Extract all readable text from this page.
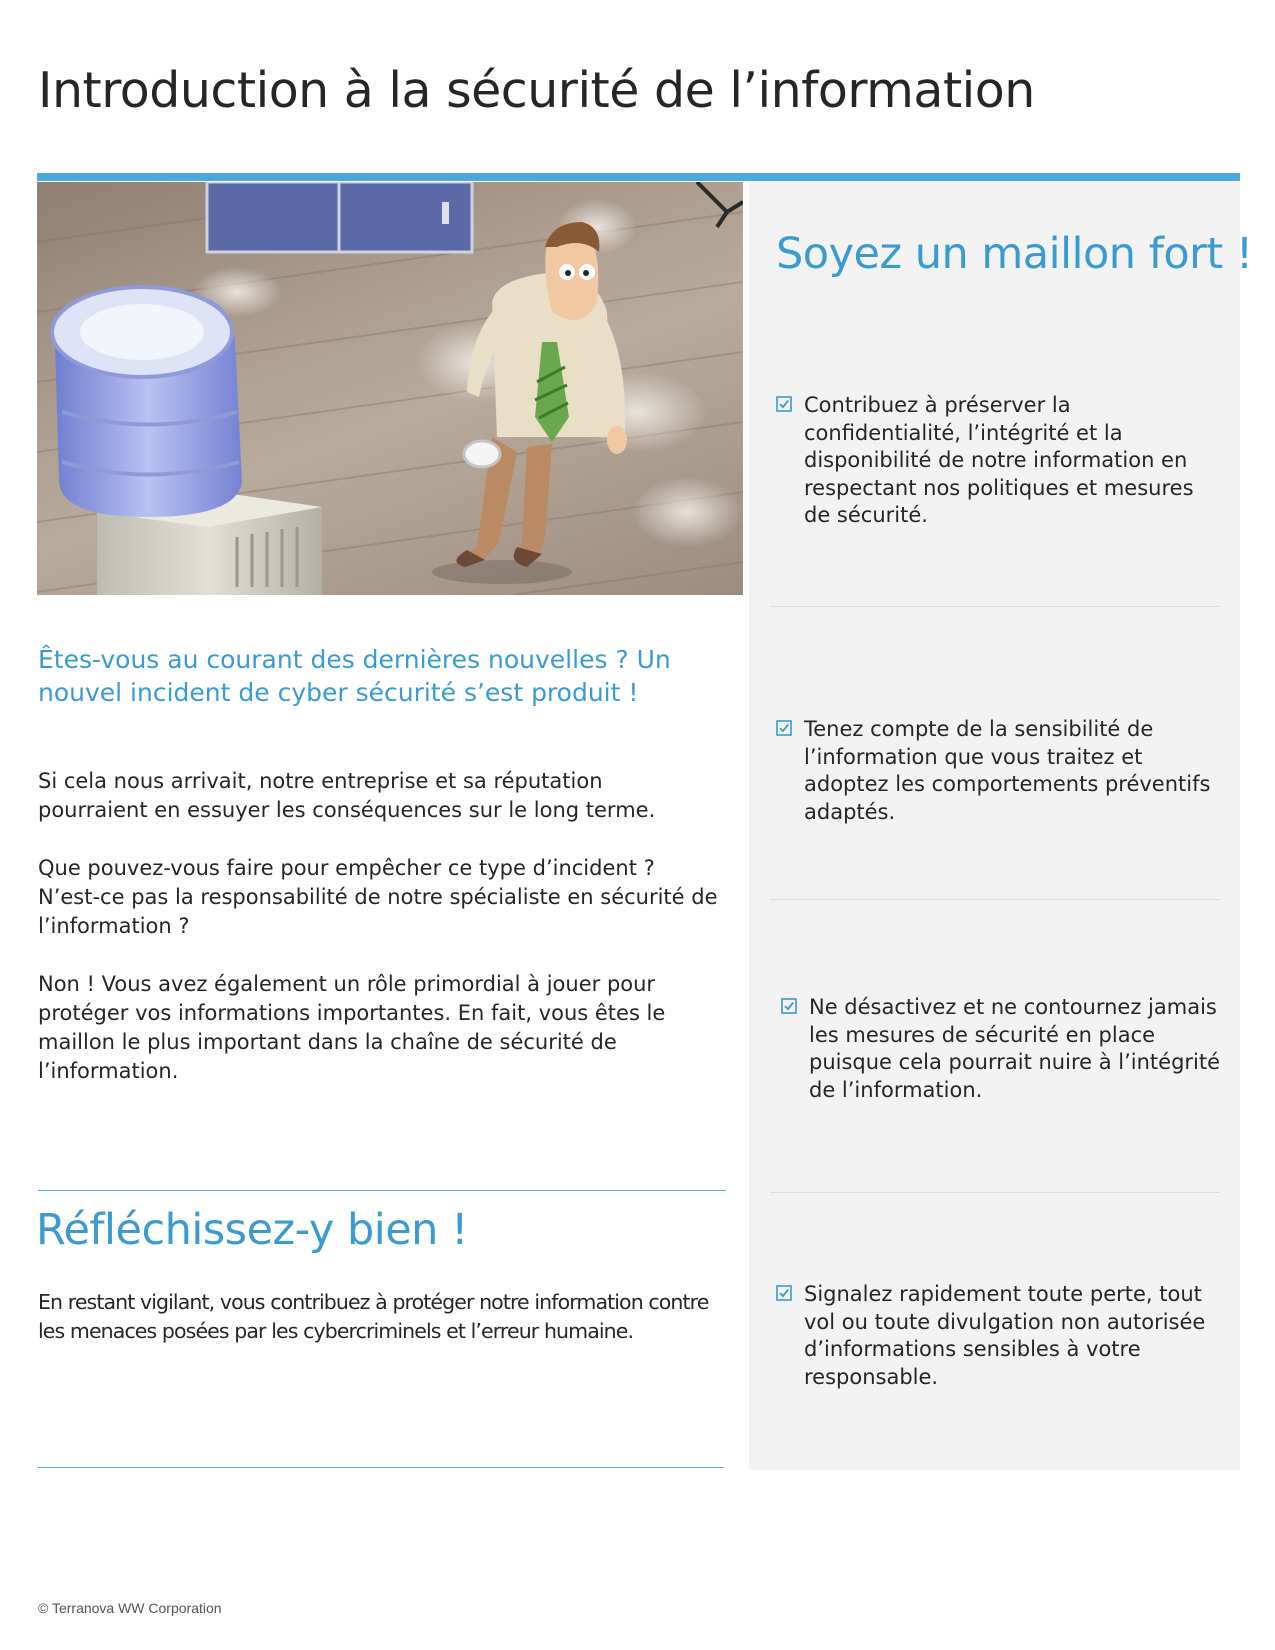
Introduction à la sécurité de l’information
Êtes-vous au courant des dernières nouvelles ? Un nouvel incident de cyber sécurité s’est produit !

Si cela nous arrivait, notre entreprise et sa réputation pourraient en essuyer les conséquences sur le long terme.

Que pouvez-vous faire pour empêcher ce type d’incident ? N’est-ce pas la responsabilité de notre spécialiste en sécurité de l’information ?

Non ! Vous avez également un rôle primordial à jouer pour protéger vos informations importantes. En fait, vous êtes le maillon le plus important dans la chaîne de sécurité de l’information.

Réfléchissez-y bien !

En restant vigilant, vous contribuez à protéger notre information contre les menaces posées par les cybercriminels et l’erreur humaine.

Soyez un maillon fort !
Contribuez à préserver la confidentialité, l’intégrité et la disponibilité de notre information en respectant nos politiques et mesures de sécurité.
Tenez compte de la sensibilité de l’information que vous traitez et adoptez les comportements préventifs adaptés.
Ne désactivez et ne contournez jamais les mesures de sécurité en place puisque cela pourrait nuire à l’intégrité de l’information.
Signalez rapidement toute perte, tout vol ou toute divulgation non autorisée d’informations sensibles à votre responsable.

© Terranova WW Corporation
